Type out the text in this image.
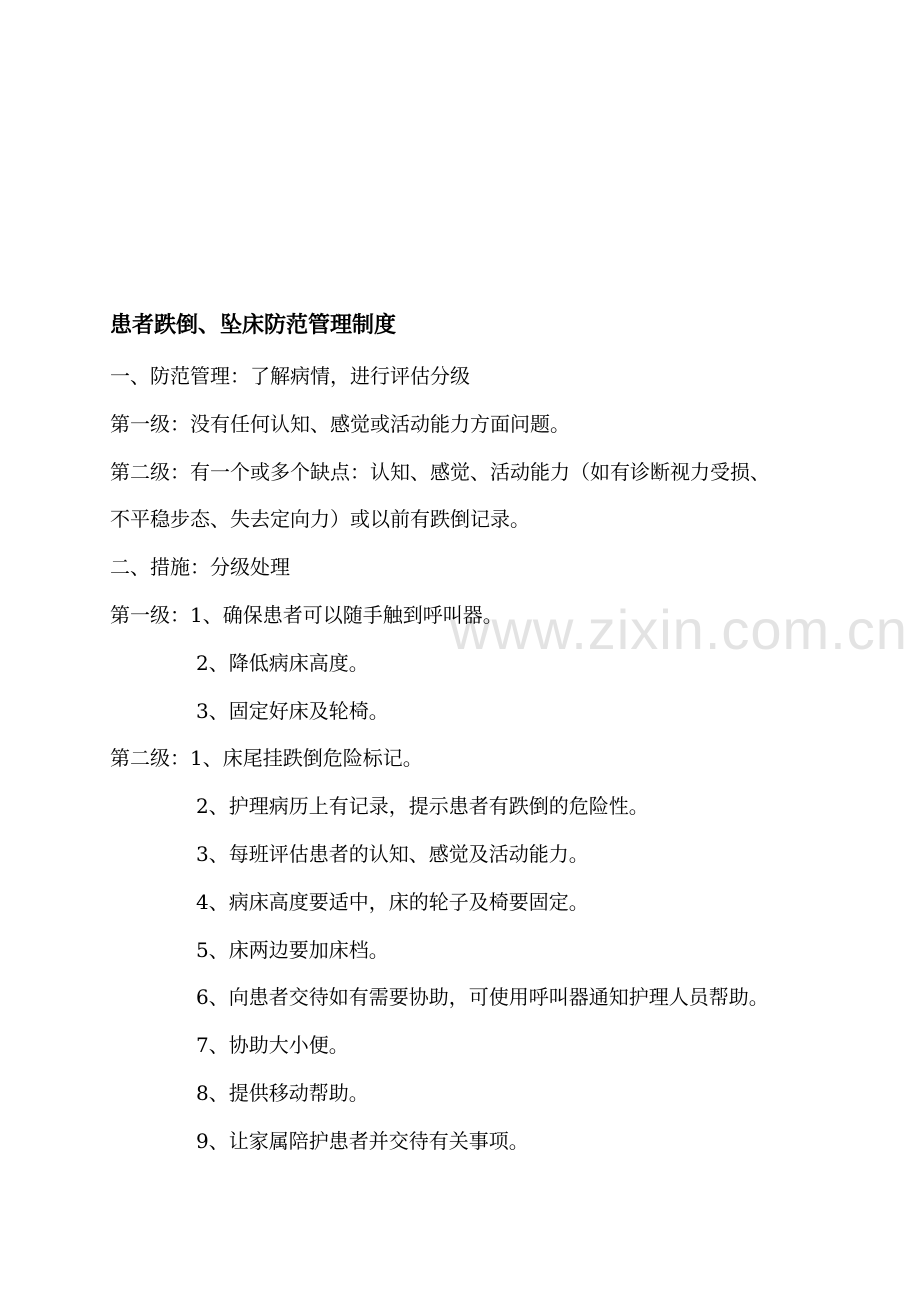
www.zixin.com.cn
患者跌倒、坠床防范管理制度
一、防范管理：了解病情，进行评估分级
第一级：没有任何认知、感觉或活动能力方面问题。
第二级：有一个或多个缺点：认知、感觉、活动能力（如有诊断视力受损、
不平稳步态、失去定向力）或以前有跌倒记录。
二、措施：分级处理
第一级：1、确保患者可以随手触到呼叫器。
2、降低病床高度。
3、固定好床及轮椅。
第二级：1、床尾挂跌倒危险标记。
2、护理病历上有记录，提示患者有跌倒的危险性。
3、每班评估患者的认知、感觉及活动能力。
4、病床高度要适中，床的轮子及椅要固定。
5、床两边要加床档。
6、向患者交待如有需要协助，可使用呼叫器通知护理人员帮助。
7、协助大小便。
8、提供移动帮助。
9、让家属陪护患者并交待有关事项。
